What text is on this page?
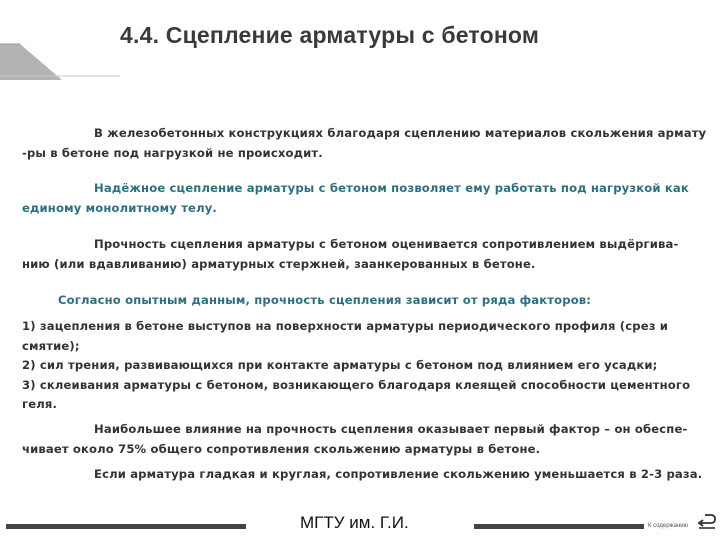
4.4. Сцепление арматуры с бетоном
В железобетонных конструкциях благодаря сцеплению материалов скольжения армату
-ры в бетоне под нагрузкой не происходит.
Надёжное сцепление арматуры с бетоном позволяет ему работать под нагрузкой как
единому монолитному телу.
Прочность сцепления арматуры с бетоном оценивается сопротивлением выдёргива-
нию (или вдавливанию) арматурных стержней, заанкерованных в бетоне.
Согласно опытным данным, прочность сцепления зависит от ряда факторов:
1) зацепления в бетоне выступов на поверхности арматуры периодического профиля (срез и
смятие);
2) сил трения, развивающихся при контакте арматуры с бетоном под влиянием его усадки;
3) склеивания арматуры с бетоном, возникающего благодаря клеящей способности цементного
геля.
Наибольшее влияние на прочность сцепления оказывает первый фактор – он обеспе-
чивает около 75% общего сопротивления скольжению арматуры в бетоне.
Если арматура гладкая и круглая, сопротивление скольжению уменьшается в 2-3 раза.
МГТУ им. Г.И.	К содержанию
